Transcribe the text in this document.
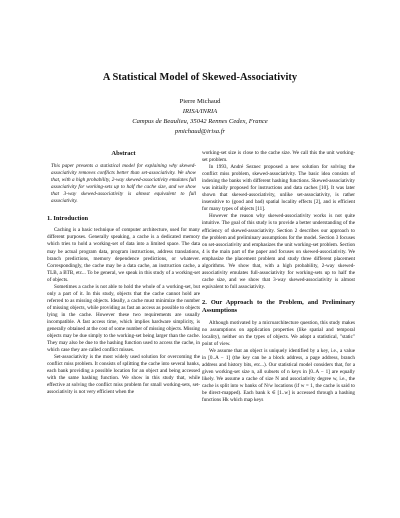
A Statistical Model of Skewed-Associativity
Pierre Michaud
IRISA/INRIA
Campus de Beaulieu, 35042 Rennes Cedex, France
pmichaud@irisa.fr
Abstract
This paper presents a statistical model for explaining why skewed-associativity removes conflicts better than set-associativity. We show that, with a high probability, 2-way skewed-associativity emulates full associativity for working-sets up to half the cache size, and we show that 3-way skewed-associativity is almost equivalent to full associativity.
1. Introduction

Caching is a basic technique of computer architecture, used for many different purposes. Generally speaking, a cache is a dedicated memory which tries to hold a working-set of data into a limited space. The data may be actual program data, program instructions, address translations, branch predictions, memory dependence predictions, or whatever. Correspondingly, the cache may be a data cache, an instruction cache, a TLB, a BTB, etc... To be general, we speak in this study of a working-set of objects.

Sometimes a cache is not able to hold the whole of a working-set, but only a part of it. In this study, objects that the cache cannot hold are referred to as missing objects. Ideally, a cache must minimize the number of missing objects, while providing as fast an access as possible to objects lying in the cache. However these two requirements are usually incompatible. A fast access time, which implies hardware simplicity, is generally obtained at the cost of some number of missing objects. Missing objects may be due simply to the working-set being larger than the cache. They may also be due to the hashing function used to access the cache, in which case they are called conflict misses.

Set-associativity is the most widely used solution for overcoming the conflict miss problem. It consists of splitting the cache into several banks, each bank providing a possible location for an object and being accessed with the same hashing function. We show in this study that, while effective at solving the conflict miss problem for small working-sets, set-associativity is not very efficient when the

working-set size is close to the cache size. We call this the unit working-set problem.

In 1993, André Seznec proposed a new solution for solving the conflict miss problem, skewed-associativity. The basic idea consists of indexing the banks with different hashing functions. Skewed-associativity was initially proposed for instructions and data caches [10]. It was later shown that skewed-associativity, unlike set-associativity, is rather insensitive to (good and bad) spatial locality effects [2], and is efficient for many types of objects [11].

However the reason why skewed-associativity works is not quite intuitive. The goal of this study is to provide a better understanding of the efficiency of skewed-associativity. Section 2 describes our approach to the problem and preliminary assumptions for the model. Section 3 focuses on set-associativity and emphasizes the unit working-set problem. Section 4 is the main part of the paper and focuses on skewed-associativity. We emphasize the placement problem and study three different placement algorithms. We show that, with a high probability, 2-way skewed-associativity emulates full-associativity for working-sets up to half the cache size, and we show that 3-way skewed-associativity is almost equivalent to full associativity.

2. Our Approach to the Problem, and Preliminary Assumptions

Although motivated by a microarchitecture question, this study makes no assumptions on application properties (like spatial and temporal locality), neither on the types of objects. We adopt a statistical, "static" point of view.

We assume that an object is uniquely identified by a key, i.e., a value in [0..A − 1] (the key can be a block address, a page address, branch address and history bits, etc...). Our statistical model considers that, for a given working-set size n, all subsets of n keys in [0..A − 1] are equally likely. We assume a cache of size N and associativity degree w, i.e., the cache is split into w banks of N/w locations (if w = 1, the cache is said to be direct-mapped). Each bank k ∈ [1..w] is accessed through a hashing functions Hk which map keys
